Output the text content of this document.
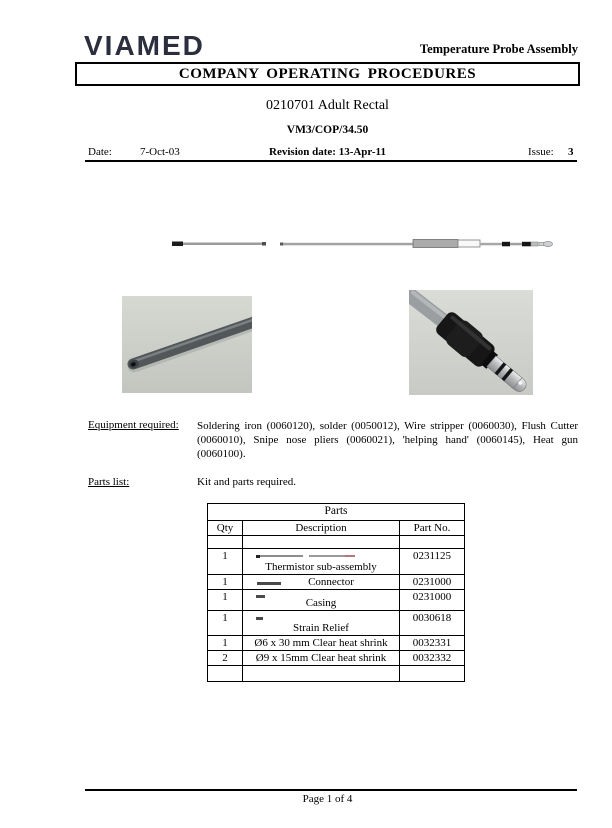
VIAMED	Temperature Probe Assembly
COMPANY OPERATING PROCEDURES
0210701 Adult Rectal
VM3/COP/34.50
Date:	7-Oct-03	Revision date: 13-Apr-11	Issue: 3
Equipment required: Soldering iron (0060120), solder (0050012), Wire stripper (0060030), Flush Cutter (0060010), Snipe nose pliers (0060021), 'helping hand' (0060145), Heat gun (0060100).
Parts list:	Kit and parts required.
Parts		
Qty	Description	Part No.

1	Thermistor sub-assembly	0231125
1	Connector	0231000
1	Casing	0231000
1	Strain Relief	0030618
1	Ø6 x 30 mm Clear heat shrink	0032331
2	Ø9 x 15mm Clear heat shrink	0032332

Page 1 of 4
